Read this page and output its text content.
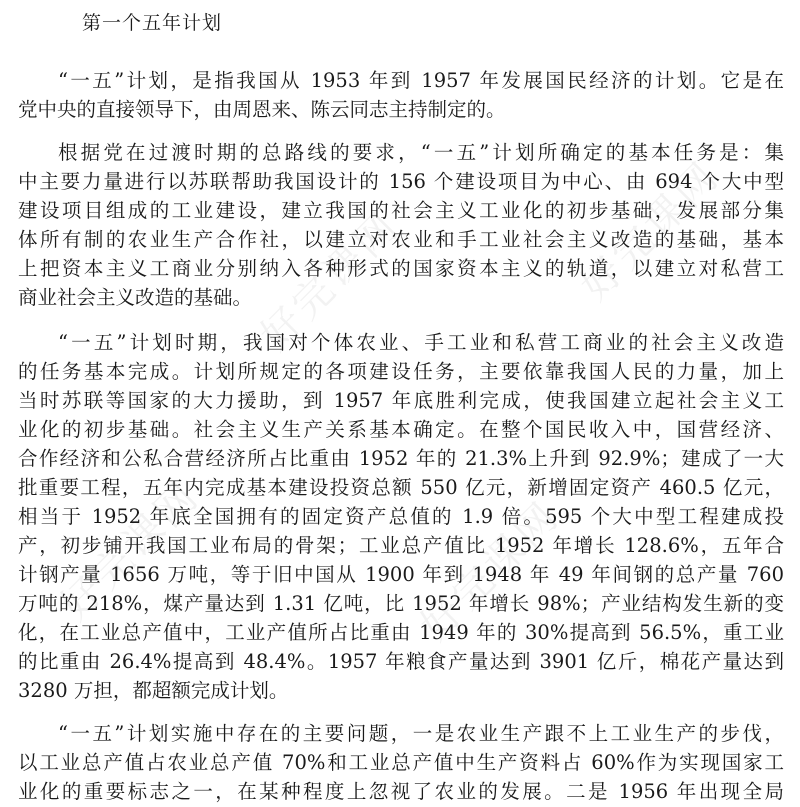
好完课网	好完课网
好完课网	好完课网
第一个五年计划
“一五”计划，是指我国从 1953 年到 1957 年发展国民经济的计划。它是在
党中央的直接领导下，由周恩来、陈云同志主持制定的。
根据党在过渡时期的总路线的要求，“一五”计划所确定的基本任务是：集
中主要力量进行以苏联帮助我国设计的 156 个建设项目为中心、由 694 个大中型
建设项目组成的工业建设，建立我国的社会主义工业化的初步基础，发展部分集
体所有制的农业生产合作社，以建立对农业和手工业社会主义改造的基础，基本
上把资本主义工商业分别纳入各种形式的国家资本主义的轨道，以建立对私营工
商业社会主义改造的基础。
“一五”计划时期，我国对个体农业、手工业和私营工商业的社会主义改造
的任务基本完成。计划所规定的各项建设任务，主要依靠我国人民的力量，加上
当时苏联等国家的大力援助，到 1957 年底胜利完成，使我国建立起社会主义工
业化的初步基础。社会主义生产关系基本确定。在整个国民收入中，国营经济、
合作经济和公私合营经济所占比重由 1952 年的 21.3%上升到 92.9%；建成了一大
批重要工程，五年内完成基本建设投资总额 550 亿元，新增固定资产 460.5 亿元，
相当于 1952 年底全国拥有的固定资产总值的 1.9 倍。595 个大中型工程建成投
产，初步铺开我国工业布局的骨架；工业总产值比 1952 年增长 128.6%，五年合
计钢产量 1656 万吨，等于旧中国从 1900 年到 1948 年 49 年间钢的总产量 760
万吨的 218%，煤产量达到 1.31 亿吨，比 1952 年增长 98%；产业结构发生新的变
化，在工业总产值中，工业产值所占比重由 1949 年的 30%提高到 56.5%，重工业
的比重由 26.4%提高到 48.4%。1957 年粮食产量达到 3901 亿斤，棉花产量达到
3280 万担，都超额完成计划。
“一五”计划实施中存在的主要问题，一是农业生产跟不上工业生产的步伐，
以工业总产值占农业总产值 70%和工业总产值中生产资料占 60%作为实现国家工
业化的重要标志之一，在某种程度上忽视了农业的发展。二是 1956 年出现全局
